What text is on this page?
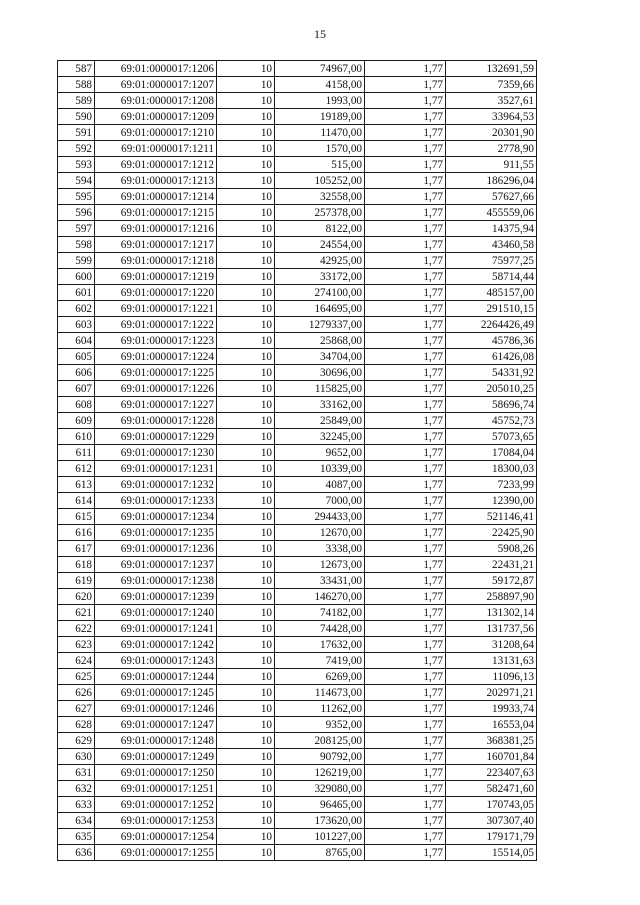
15
587	69:01:0000017:1206	10	74967,00	1,77	132691,59
588	69:01:0000017:1207	10	4158,00	1,77	7359,66
589	69:01:0000017:1208	10	1993,00	1,77	3527,61
590	69:01:0000017:1209	10	19189,00	1,77	33964,53
591	69:01:0000017:1210	10	11470,00	1,77	20301,90
592	69:01:0000017:1211	10	1570,00	1,77	2778,90
593	69:01:0000017:1212	10	515,00	1,77	911,55
594	69:01:0000017:1213	10	105252,00	1,77	186296,04
595	69:01:0000017:1214	10	32558,00	1,77	57627,66
596	69:01:0000017:1215	10	257378,00	1,77	455559,06
597	69:01:0000017:1216	10	8122,00	1,77	14375,94
598	69:01:0000017:1217	10	24554,00	1,77	43460,58
599	69:01:0000017:1218	10	42925,00	1,77	75977,25
600	69:01:0000017:1219	10	33172,00	1,77	58714,44
601	69:01:0000017:1220	10	274100,00	1,77	485157,00
602	69:01:0000017:1221	10	164695,00	1,77	291510,15
603	69:01:0000017:1222	10	1279337,00	1,77	2264426,49
604	69:01:0000017:1223	10	25868,00	1,77	45786,36
605	69:01:0000017:1224	10	34704,00	1,77	61426,08
606	69:01:0000017:1225	10	30696,00	1,77	54331,92
607	69:01:0000017:1226	10	115825,00	1,77	205010,25
608	69:01:0000017:1227	10	33162,00	1,77	58696,74
609	69:01:0000017:1228	10	25849,00	1,77	45752,73
610	69:01:0000017:1229	10	32245,00	1,77	57073,65
611	69:01:0000017:1230	10	9652,00	1,77	17084,04
612	69:01:0000017:1231	10	10339,00	1,77	18300,03
613	69:01:0000017:1232	10	4087,00	1,77	7233,99
614	69:01:0000017:1233	10	7000,00	1,77	12390,00
615	69:01:0000017:1234	10	294433,00	1,77	521146,41
616	69:01:0000017:1235	10	12670,00	1,77	22425,90
617	69:01:0000017:1236	10	3338,00	1,77	5908,26
618	69:01:0000017:1237	10	12673,00	1,77	22431,21
619	69:01:0000017:1238	10	33431,00	1,77	59172,87
620	69:01:0000017:1239	10	146270,00	1,77	258897,90
621	69:01:0000017:1240	10	74182,00	1,77	131302,14
622	69:01:0000017:1241	10	74428,00	1,77	131737,56
623	69:01:0000017:1242	10	17632,00	1,77	31208,64
624	69:01:0000017:1243	10	7419,00	1,77	13131,63
625	69:01:0000017:1244	10	6269,00	1,77	11096,13
626	69:01:0000017:1245	10	114673,00	1,77	202971,21
627	69:01:0000017:1246	10	11262,00	1,77	19933,74
628	69:01:0000017:1247	10	9352,00	1,77	16553,04
629	69:01:0000017:1248	10	208125,00	1,77	368381,25
630	69:01:0000017:1249	10	90792,00	1,77	160701,84
631	69:01:0000017:1250	10	126219,00	1,77	223407,63
632	69:01:0000017:1251	10	329080,00	1,77	582471,60
633	69:01:0000017:1252	10	96465,00	1,77	170743,05
634	69:01:0000017:1253	10	173620,00	1,77	307307,40
635	69:01:0000017:1254	10	101227,00	1,77	179171,79
636	69:01:0000017:1255	10	8765,00	1,77	15514,05
